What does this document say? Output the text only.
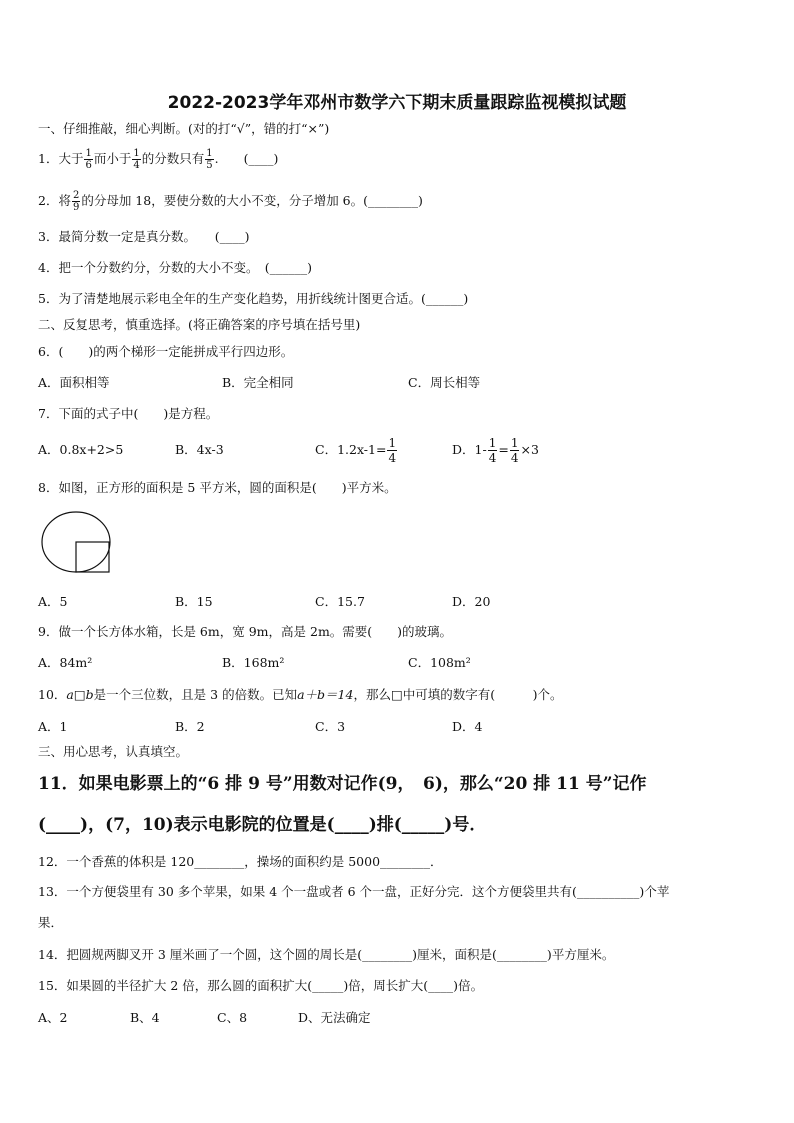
2022-2023学年邓州市数学六下期末质量跟踪监视模拟试题
一、仔细推敲，细心判断。(对的打“√”，错的打“×”)
1．大于 $\frac{1}{6}$ 而小于 $\frac{1}{4}$ 的分数只有 $\frac{1}{5}$ .　　(____)
2．将 $\frac{2}{9}$ 的分母加 18，要使分数的大小不变，分子增加 6。(________)
3．最简分数一定是真分数。　　(____)
4．把一个分数约分，分数的大小不变。　(______)
5．为了清楚地展示彩电全年的生产变化趋势，用折线统计图更合适。(______)
二、反复思考，慎重选择。(将正确答案的序号填在括号里)
6．(　　)的两个梯形一定能拼成平行四边形。
A．面积相等	B．完全相同	C．周长相等
7．下面的式子中(　　)是方程。
A．0.8x+2>5	B．4x-3	C．$1.2x-1= \frac{1}{4}$	D．$1- \frac{1}{4} = \frac{1}{4} \times 3$
8．如图，正方形的面积是 5 平方米，圆的面积是(　　)平方米。
A．5	B．15	C．15.7	D．20
9．做一个长方体水箱，长是 6m，宽 9m，高是 2m。需要(　　)的玻璃。
A．84m²	B．168m²	C．108m²
10．a□b是一个三位数，且是 3 的倍数。已知a＋b＝14，那么□中可填的数字有(　　　)个。
A．1	B．2	C．3	D．4
三、用心思考，认真填空。
11．如果电影票上的“6 排 9 号”用数对记作(9，　6)，那么“20 排 11 号”记作
(____)，(7，10)表示电影院的位置是(____)排(_____)号．
12．一个香蕉的体积是 120________，操场的面积约是 5000________．
13．一个方便袋里有 30 多个苹果，如果 4 个一盘或者 6 个一盘，正好分完．这个方便袋里共有(__________)个苹
果．
14．把圆规两脚叉开 3 厘米画了一个圆，这个圆的周长是(________)厘米，面积是(________)平方厘米。
15．如果圆的半径扩大 2 倍，那么圆的面积扩大(_____)倍，周长扩大(____)倍。
A、2	B、4	C、8	D、无法确定
